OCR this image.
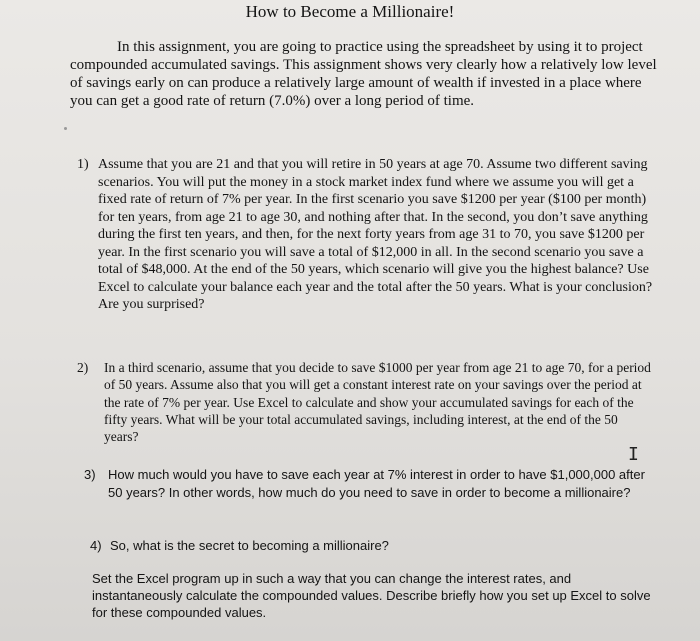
How to Become a Millionaire!
In this assignment, you are going to practice using the spreadsheet by using it to project compounded accumulated savings. This assignment shows very clearly how a relatively low level of savings early on can produce a relatively large amount of wealth if invested in a place where you can get a good rate of return (7.0%) over a long period of time.
1) Assume that you are 21 and that you will retire in 50 years at age 70. Assume two different saving scenarios. You will put the money in a stock market index fund where we assume you will get a fixed rate of return of 7% per year. In the first scenario you save $1200 per year ($100 per month) for ten years, from age 21 to age 30, and nothing after that. In the second, you don’t save anything during the first ten years, and then, for the next forty years from age 31 to 70, you save $1200 per year. In the first scenario you will save a total of $12,000 in all. In the second scenario you save a total of $48,000. At the end of the 50 years, which scenario will give you the highest balance? Use Excel to calculate your balance each year and the total after the 50 years. What is your conclusion? Are you surprised?
2) In a third scenario, assume that you decide to save $1000 per year from age 21 to age 70, for a period of 50 years. Assume also that you will get a constant interest rate on your savings over the period at the rate of 7% per year. Use Excel to calculate and show your accumulated savings for each of the fifty years. What will be your total accumulated savings, including interest, at the end of the 50 years?
I
3) How much would you have to save each year at 7% interest in order to have $1,000,000 after 50 years? In other words, how much do you need to save in order to become a millionaire?
4) So, what is the secret to becoming a millionaire?
Set the Excel program up in such a way that you can change the interest rates, and instantaneously calculate the compounded values. Describe briefly how you set up Excel to solve for these compounded values.
